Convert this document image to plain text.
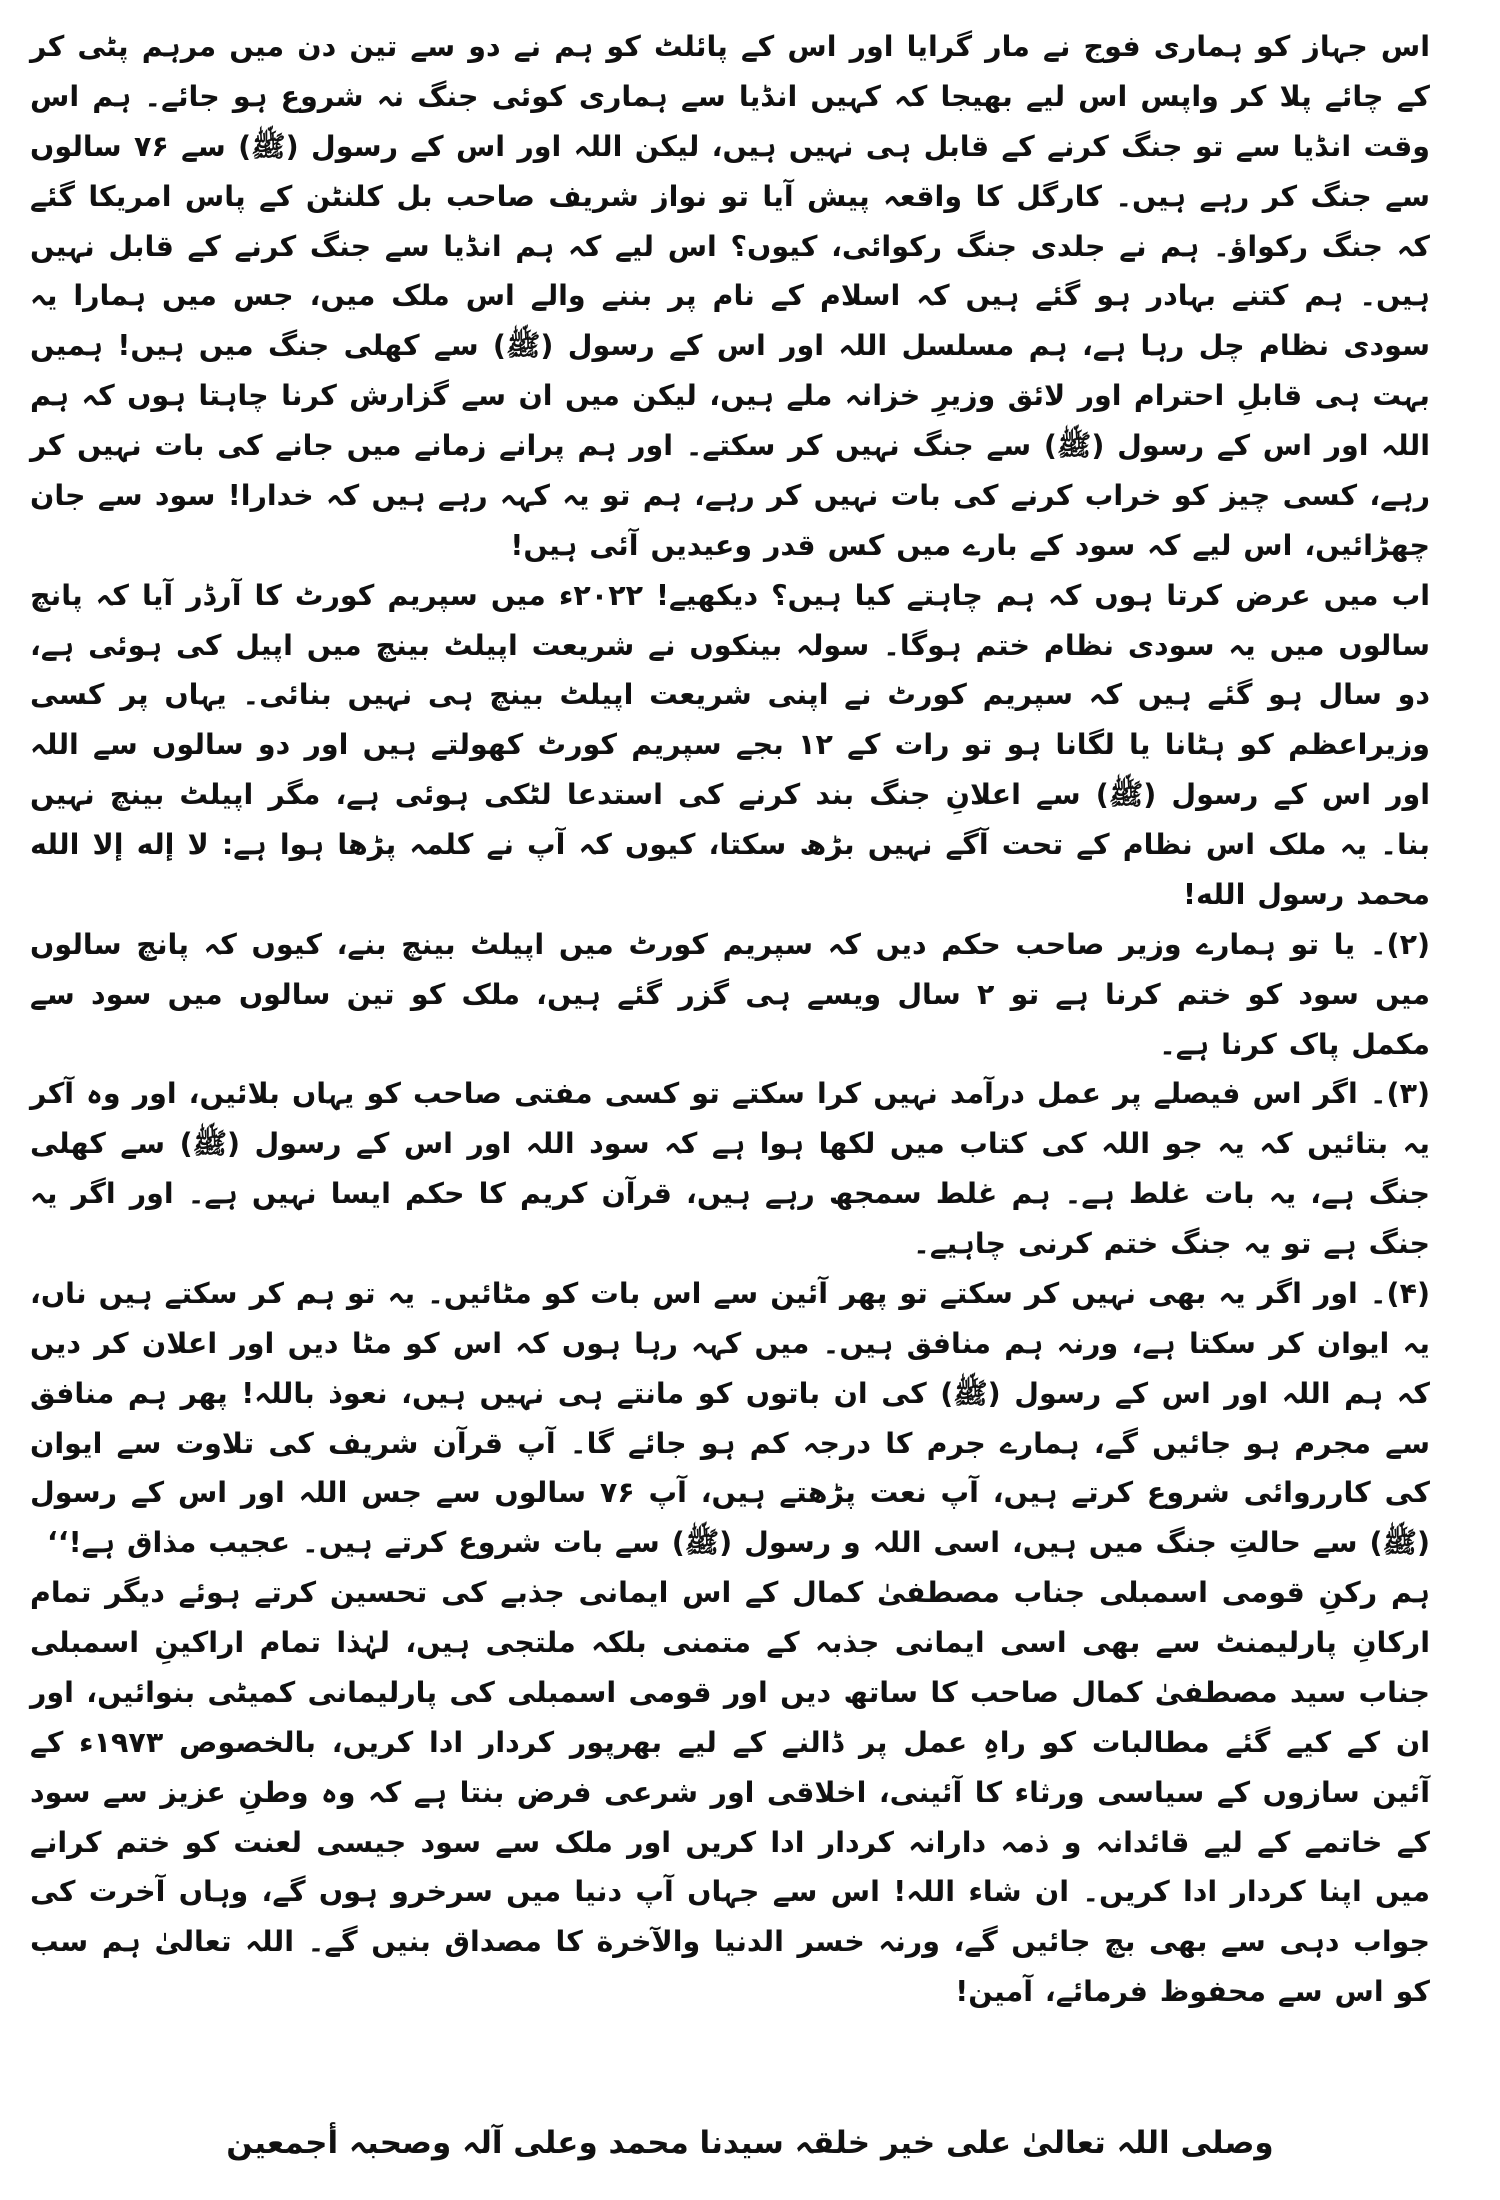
اس جہاز کو ہماری فوج نے مار گرایا اور اس کے پائلٹ کو ہم نے دو سے تین دن میں مرہم پٹی کر کے چائے پلا کر واپس اس لیے بھیجا کہ کہیں انڈیا سے ہماری کوئی جنگ نہ شروع ہو جائے۔ ہم اس وقت انڈیا سے تو جنگ کرنے کے قابل ہی نہیں ہیں، لیکن اللہ اور اس کے رسول (ﷺ) سے ۷۶ سالوں سے جنگ کر رہے ہیں۔ کارگل کا واقعہ پیش آیا تو نواز شریف صاحب بل کلنٹن کے پاس امریکا گئے کہ جنگ رکواؤ۔ ہم نے جلدی جنگ رکوائی، کیوں؟ اس لیے کہ ہم انڈیا سے جنگ کرنے کے قابل نہیں ہیں۔ ہم کتنے بہادر ہو گئے ہیں کہ اسلام کے نام پر بننے والے اس ملک میں، جس میں ہمارا یہ سودی نظام چل رہا ہے، ہم مسلسل اللہ اور اس کے رسول (ﷺ) سے کھلی جنگ میں ہیں! ہمیں بہت ہی قابلِ احترام اور لائق وزیرِ خزانہ ملے ہیں، لیکن میں ان سے گزارش کرنا چاہتا ہوں کہ ہم اللہ اور اس کے رسول (ﷺ) سے جنگ نہیں کر سکتے۔ اور ہم پرانے زمانے میں جانے کی بات نہیں کر رہے، کسی چیز کو خراب کرنے کی بات نہیں کر رہے، ہم تو یہ کہہ رہے ہیں کہ خدارا! سود سے جان چھڑائیں، اس لیے کہ سود کے بارے میں کس قدر وعیدیں آئی ہیں!

اب میں عرض کرتا ہوں کہ ہم چاہتے کیا ہیں؟ دیکھیے! ۲۰۲۲ء میں سپریم کورٹ کا آرڈر آیا کہ پانچ سالوں میں یہ سودی نظام ختم ہوگا۔ سولہ بینکوں نے شریعت اپیلٹ بینچ میں اپیل کی ہوئی ہے، دو سال ہو گئے ہیں کہ سپریم کورٹ نے اپنی شریعت اپیلٹ بینچ ہی نہیں بنائی۔ یہاں پر کسی وزیراعظم کو ہٹانا یا لگانا ہو تو رات کے ۱۲ بجے سپریم کورٹ کھولتے ہیں اور دو سالوں سے اللہ اور اس کے رسول (ﷺ) سے اعلانِ جنگ بند کرنے کی استدعا لٹکی ہوئی ہے، مگر اپیلٹ بینچ نہیں بنا۔ یہ ملک اس نظام کے تحت آگے نہیں بڑھ سکتا، کیوں کہ آپ نے کلمہ پڑھا ہوا ہے: لا إله إلا الله محمد رسول الله!

(۲)۔ یا تو ہمارے وزیر صاحب حکم دیں کہ سپریم کورٹ میں اپیلٹ بینچ بنے، کیوں کہ پانچ سالوں میں سود کو ختم کرنا ہے تو ۲ سال ویسے ہی گزر گئے ہیں، ملک کو تین سالوں میں سود سے مکمل پاک کرنا ہے۔

(۳)۔ اگر اس فیصلے پر عمل درآمد نہیں کرا سکتے تو کسی مفتی صاحب کو یہاں بلائیں، اور وہ آکر یہ بتائیں کہ یہ جو اللہ کی کتاب میں لکھا ہوا ہے کہ سود اللہ اور اس کے رسول (ﷺ) سے کھلی جنگ ہے، یہ بات غلط ہے۔ ہم غلط سمجھ رہے ہیں، قرآن کریم کا حکم ایسا نہیں ہے۔ اور اگر یہ جنگ ہے تو یہ جنگ ختم کرنی چاہیے۔

(۴)۔ اور اگر یہ بھی نہیں کر سکتے تو پھر آئین سے اس بات کو مٹائیں۔ یہ تو ہم کر سکتے ہیں ناں، یہ ایوان کر سکتا ہے، ورنہ ہم منافق ہیں۔ میں کہہ رہا ہوں کہ اس کو مٹا دیں اور اعلان کر دیں کہ ہم اللہ اور اس کے رسول (ﷺ) کی ان باتوں کو مانتے ہی نہیں ہیں، نعوذ باللہ! پھر ہم منافق سے مجرم ہو جائیں گے، ہمارے جرم کا درجہ کم ہو جائے گا۔ آپ قرآن شریف کی تلاوت سے ایوان کی کارروائی شروع کرتے ہیں، آپ نعت پڑھتے ہیں، آپ ۷۶ سالوں سے جس اللہ اور اس کے رسول (ﷺ) سے حالتِ جنگ میں ہیں، اسی اللہ و رسول (ﷺ) سے بات شروع کرتے ہیں۔ عجیب مذاق ہے!‘‘

ہم رکنِ قومی اسمبلی جناب مصطفیٰ کمال کے اس ایمانی جذبے کی تحسین کرتے ہوئے دیگر تمام ارکانِ پارلیمنٹ سے بھی اسی ایمانی جذبہ کے متمنی بلکہ ملتجی ہیں، لہٰذا تمام اراکینِ اسمبلی جناب سید مصطفیٰ کمال صاحب کا ساتھ دیں اور قومی اسمبلی کی پارلیمانی کمیٹی بنوائیں، اور ان کے کیے گئے مطالبات کو راہِ عمل پر ڈالنے کے لیے بھرپور کردار ادا کریں، بالخصوص ۱۹۷۳ء کے آئین سازوں کے سیاسی ورثاء کا آئینی، اخلاقی اور شرعی فرض بنتا ہے کہ وہ وطنِ عزیز سے سود کے خاتمے کے لیے قائدانہ و ذمہ دارانہ کردار ادا کریں اور ملک سے سود جیسی لعنت کو ختم کرانے میں اپنا کردار ادا کریں۔ ان شاء اللہ! اس سے جہاں آپ دنیا میں سرخرو ہوں گے، وہاں آخرت کی جواب دہی سے بھی بچ جائیں گے، ورنہ خسر الدنیا والآخرة کا مصداق بنیں گے۔ اللہ تعالیٰ ہم سب کو اس سے محفوظ فرمائے، آمین!

وصلی اللہ تعالیٰ علی خیر خلقہ سیدنا محمد وعلی آلہ وصحبہ أجمعین
